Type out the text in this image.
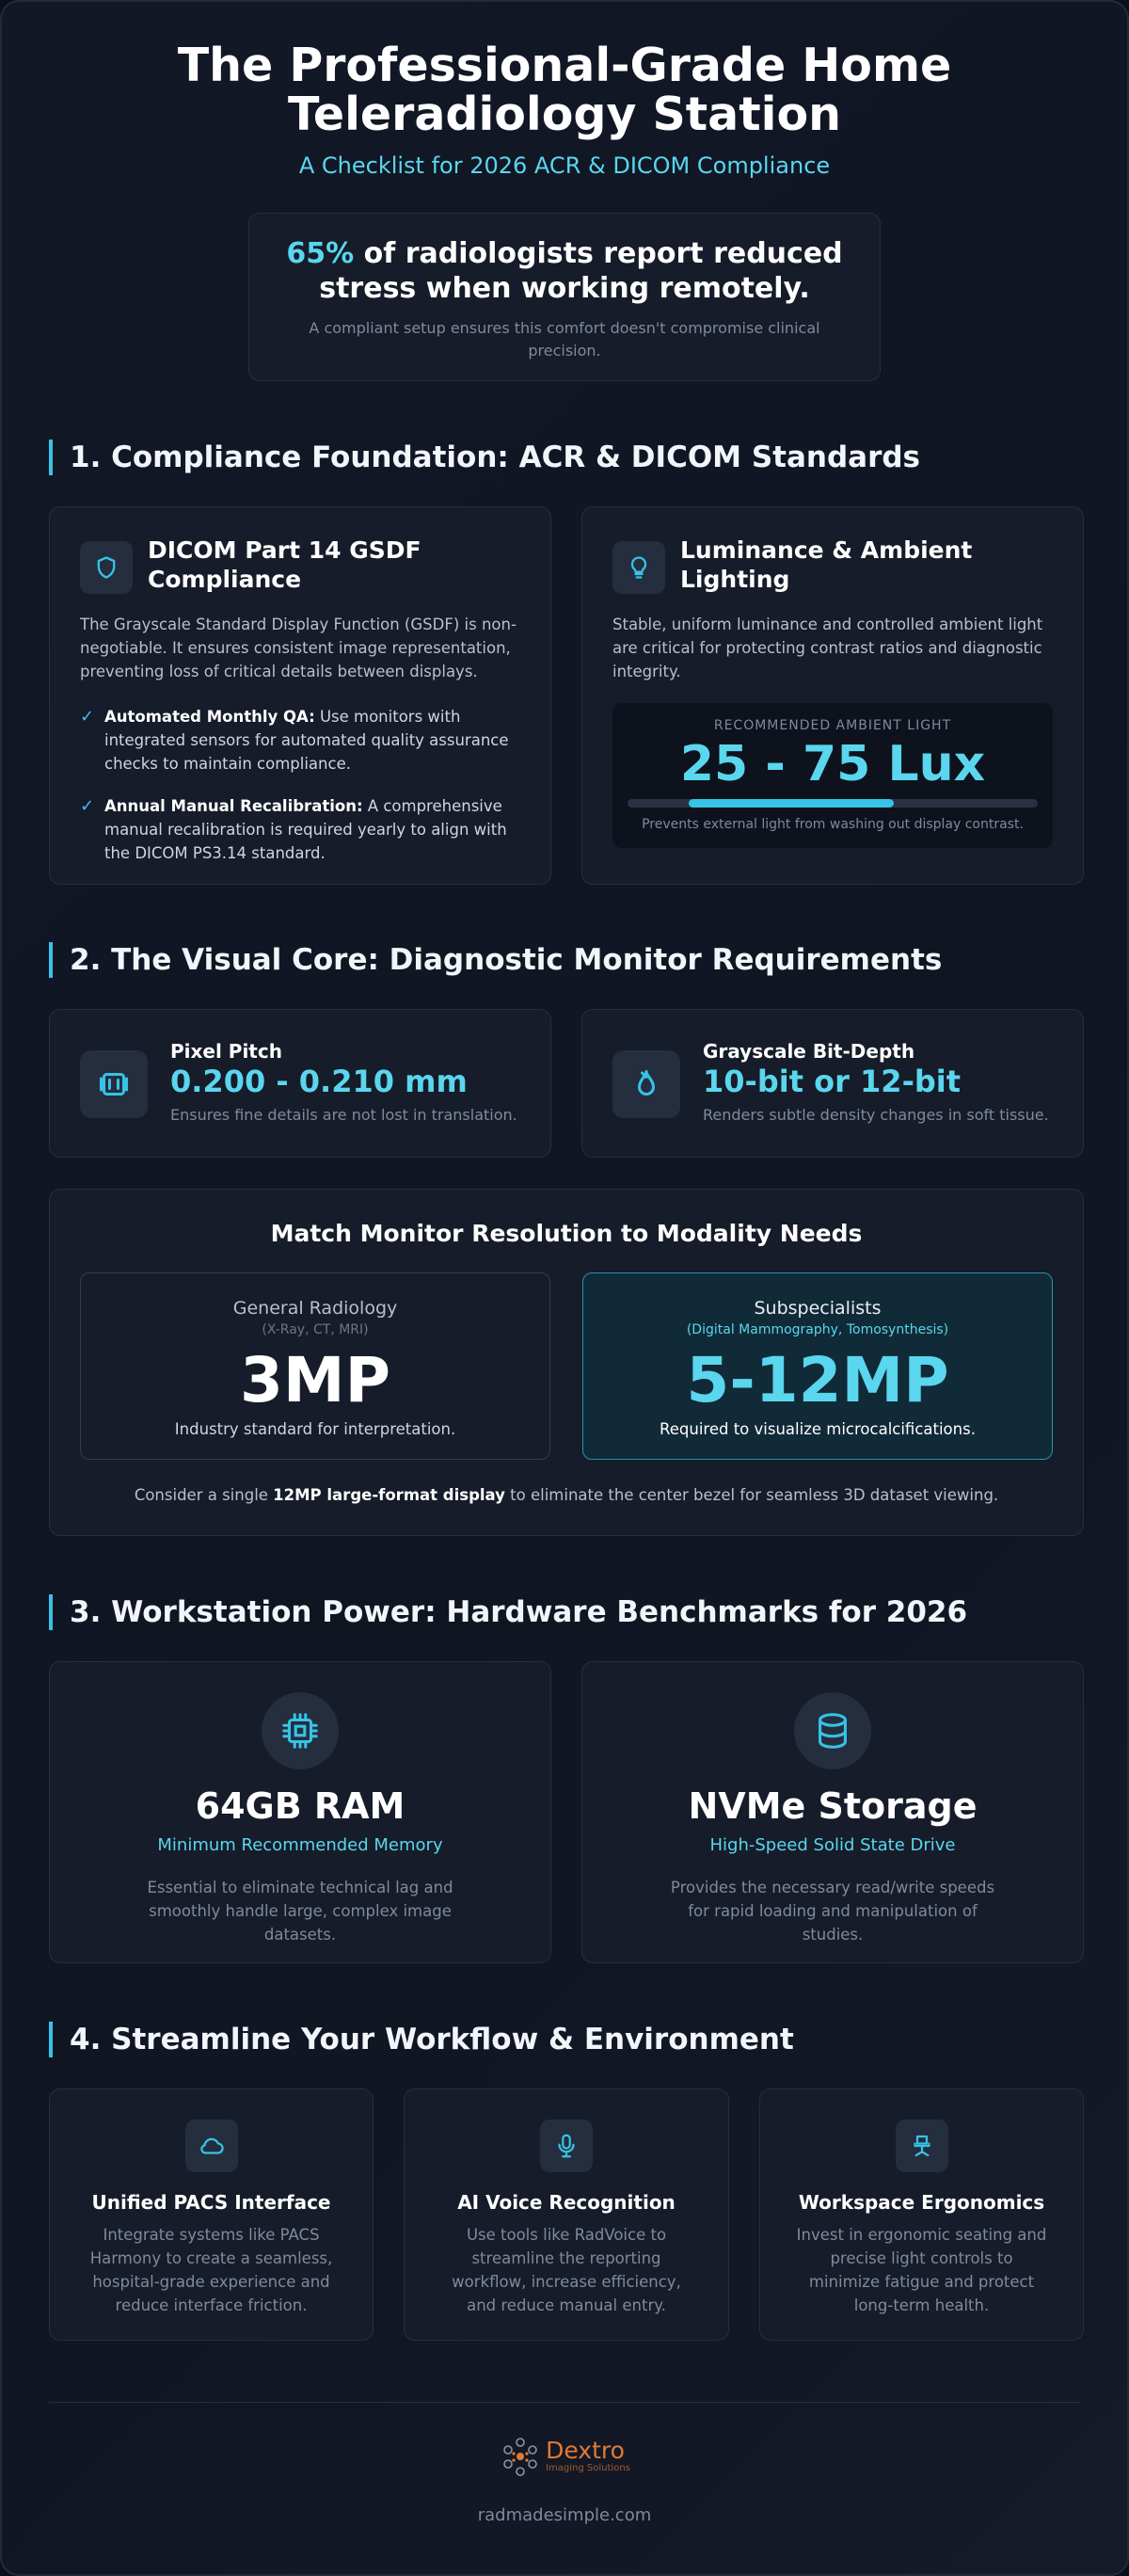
The Professional-Grade Home Teleradiology Station
A Checklist for 2026 ACR & DICOM Compliance
65% of radiologists report reduced stress when working remotely.
A compliant setup ensures this comfort doesn't compromise clinical precision.
1. Compliance Foundation: ACR & DICOM Standards
DICOM Part 14 GSDF Compliance
The Grayscale Standard Display Function (GSDF) is non-negotiable. It ensures consistent image representation, preventing loss of critical details between displays.
✓ Automated Monthly QA: Use monitors with integrated sensors for automated quality assurance checks to maintain compliance.
✓ Annual Manual Recalibration: A comprehensive manual recalibration is required yearly to align with the DICOM PS3.14 standard.
Luminance & Ambient Lighting
Stable, uniform luminance and controlled ambient light are critical for protecting contrast ratios and diagnostic integrity.
RECOMMENDED AMBIENT LIGHT
25 - 75 Lux
Prevents external light from washing out display contrast.
2. The Visual Core: Diagnostic Monitor Requirements
Pixel Pitch
0.200 - 0.210 mm
Ensures fine details are not lost in translation.
Grayscale Bit-Depth
10-bit or 12-bit
Renders subtle density changes in soft tissue.
Match Monitor Resolution to Modality Needs
General Radiology
(X-Ray, CT, MRI)
3MP
Industry standard for interpretation.
Subspecialists
(Digital Mammography, Tomosynthesis)
5-12MP
Required to visualize microcalcifications.
Consider a single 12MP large-format display to eliminate the center bezel for seamless 3D dataset viewing.
3. Workstation Power: Hardware Benchmarks for 2026
64GB RAM
Minimum Recommended Memory
Essential to eliminate technical lag and smoothly handle large, complex image datasets.
NVMe Storage
High-Speed Solid State Drive
Provides the necessary read/write speeds for rapid loading and manipulation of studies.
4. Streamline Your Workflow & Environment
Unified PACS Interface
Integrate systems like PACS Harmony to create a seamless, hospital-grade experience and reduce interface friction.
AI Voice Recognition
Use tools like RadVoice to streamline the reporting workflow, increase efficiency, and reduce manual entry.
Workspace Ergonomics
Invest in ergonomic seating and precise light controls to minimize fatigue and protect long-term health.
Dextro
Imaging Solutions
radmadesimple.com
